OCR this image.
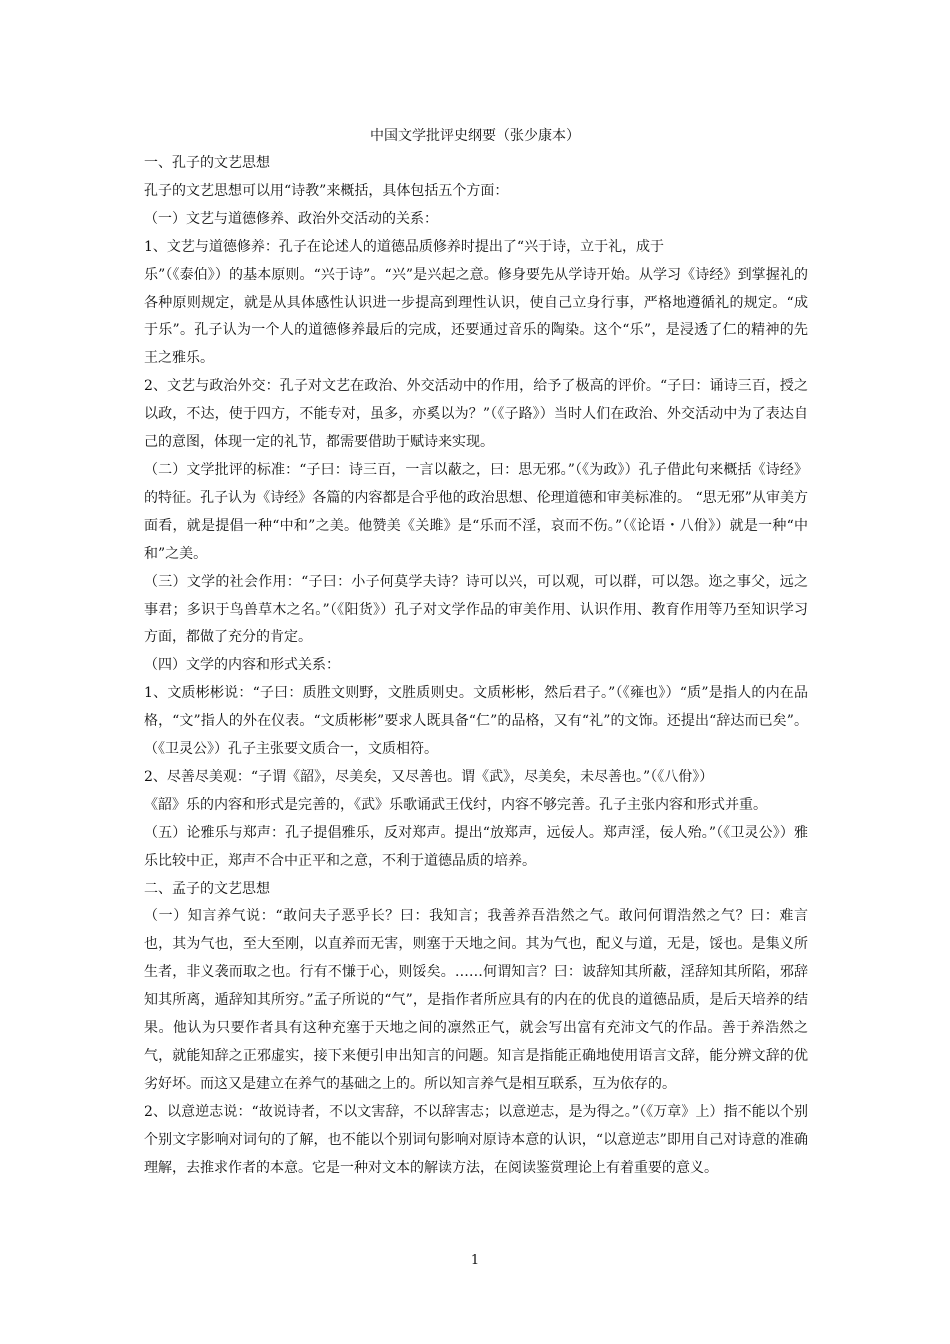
中国文学批评史纲要（张少康本）

一、孔子的文艺思想

孔子的文艺思想可以用“诗教”来概括，具体包括五个方面：

（一）文艺与道德修养、政治外交活动的关系：

1、文艺与道德修养：孔子在论述人的道德品质修养时提出了“兴于诗，立于礼，成于

乐”（《泰伯》）的基本原则。“兴于诗”。“兴”是兴起之意。修身要先从学诗开始。从学习《诗经》到掌握礼的各种原则规定，就是从具体感性认识进一步提高到理性认识，使自己立身行事，严格地遵循礼的规定。“成于乐”。孔子认为一个人的道德修养最后的完成，还要通过音乐的陶染。这个“乐”，是浸透了仁的精神的先王之雅乐。

2、文艺与政治外交：孔子对文艺在政治、外交活动中的作用，给予了极高的评价。“子曰：诵诗三百，授之以政，不达，使于四方，不能专对，虽多，亦奚以为？”（《子路》）当时人们在政治、外交活动中为了表达自己的意图，体现一定的礼节，都需要借助于赋诗来实现。

（二）文学批评的标准：“子曰：诗三百，一言以蔽之，曰：思无邪。”（《为政》）孔子借此句来概括《诗经》的特征。孔子认为《诗经》各篇的内容都是合乎他的政治思想、伦理道德和审美标准的。 “思无邪”从审美方面看，就是提倡一种“中和”之美。他赞美《关雎》是“乐而不淫，哀而不伤。”（《论语・八佾》）就是一种“中和”之美。

（三）文学的社会作用：“子曰：小子何莫学夫诗？诗可以兴，可以观，可以群，可以怨。迩之事父，远之事君；多识于鸟兽草木之名。”（《阳货》）孔子对文学作品的审美作用、认识作用、教育作用等乃至知识学习方面，都做了充分的肯定。

（四）文学的内容和形式关系：

1、文质彬彬说：“子曰：质胜文则野，文胜质则史。文质彬彬，然后君子。”（《雍也》）“质”是指人的内在品格，“文”指人的外在仪表。“文质彬彬”要求人既具备“仁”的品格，又有“礼”的文饰。还提出“辞达而已矣”。（《卫灵公》）孔子主张要文质合一，文质相符。

2、尽善尽美观：“子谓《韶》，尽美矣，又尽善也。谓《武》，尽美矣，未尽善也。”（《八佾》）

《韶》乐的内容和形式是完善的，《武》乐歌诵武王伐纣，内容不够完善。孔子主张内容和形式并重。

（五）论雅乐与郑声：孔子提倡雅乐，反对郑声。提出“放郑声，远佞人。郑声淫，佞人殆。”（《卫灵公》）雅乐比较中正，郑声不合中正平和之意，不利于道德品质的培养。

二、孟子的文艺思想

（一）知言养气说：“敢问夫子恶乎长？曰：我知言；我善养吾浩然之气。敢问何谓浩然之气？曰：难言也，其为气也，至大至刚，以直养而无害，则塞于天地之间。其为气也，配义与道，无是，馁也。是集义所生者，非义袭而取之也。行有不慊于心，则馁矣。……何谓知言？曰：诐辞知其所蔽，淫辞知其所陷，邪辞知其所离，遁辞知其所穷。”孟子所说的“气”，是指作者所应具有的内在的优良的道德品质，是后天培养的结果。他认为只要作者具有这种充塞于天地之间的凛然正气，就会写出富有充沛文气的作品。善于养浩然之气，就能知辞之正邪虚实，接下来便引申出知言的问题。知言是指能正确地使用语言文辞，能分辨文辞的优劣好坏。而这又是建立在养气的基础之上的。所以知言养气是相互联系，互为依存的。

2、以意逆志说：“故说诗者，不以文害辞，不以辞害志；以意逆志，是为得之。”（《万章》上）指不能以个别个别文字影响对词句的了解，也不能以个别词句影响对原诗本意的认识，“以意逆志”即用自己对诗意的准确理解，去推求作者的本意。它是一种对文本的解读方法，在阅读鉴赏理论上有着重要的意义。

1
